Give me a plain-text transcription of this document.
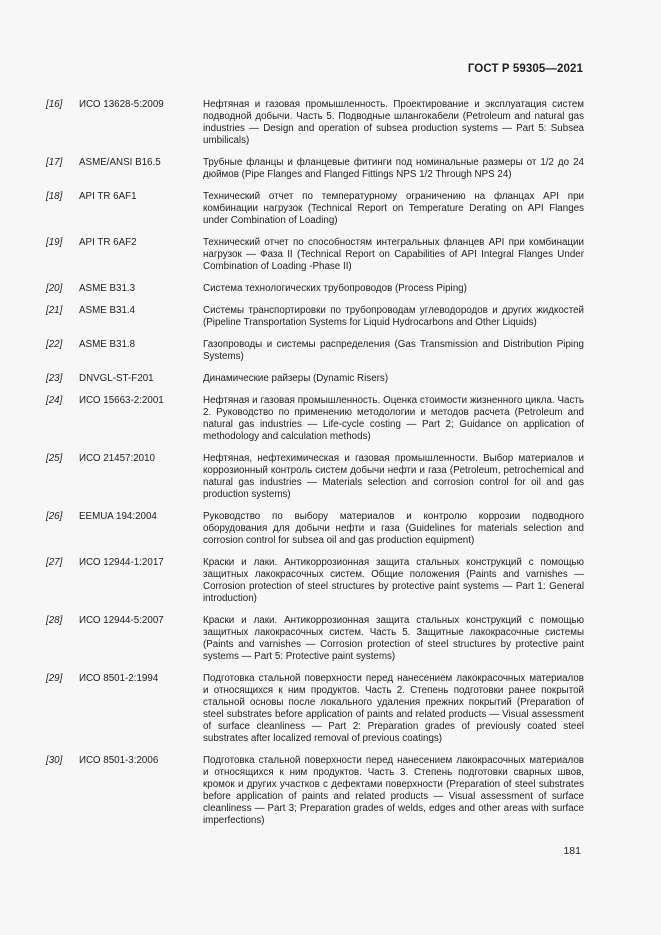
ГОСТ Р 59305—2021
[16]	ИСО 13628-5:2009	Нефтяная и газовая промышленность. Проектирование и эксплуатация систем подводной добычи. Часть 5. Подводные шлангокабели (Petroleum and natural gas industries — Design and operation of subsea production systems — Part 5: Subsea umbilicals)
[17]	ASME/ANSI B16.5	Трубные фланцы и фланцевые фитинги под номинальные размеры от 1/2 до 24 дюймов (Pipe Flanges and Flanged Fittings NPS 1/2 Through NPS 24)
[18]	API TR 6AF1	Технический отчет по температурному ограничению на фланцах API при комбинации нагрузок (Technical Report on Temperature Derating on API Flanges under Combination of Loading)
[19]	API TR 6AF2	Технический отчет по способностям интегральных фланцев API при комбинации нагрузок — Фаза II (Technical Report on Capabilities of API Integral Flanges Under Combination of Loading -Phase II)
[20]	ASME B31.3	Система технологических трубопроводов (Process Piping)
[21]	ASME B31.4	Системы транспортировки по трубопроводам углеводородов и других жидкостей (Pipeline Transportation Systems for Liquid Hydrocarbons and Other Liquids)
[22]	ASME B31.8	Газопроводы и системы распределения (Gas Transmission and Distribution Piping Systems)
[23]	DNVGL-ST-F201	Динамические райзеры (Dynamic Risers)
[24]	ИСО 15663-2:2001	Нефтяная и газовая промышленность. Оценка стоимости жизненного цикла. Часть 2. Руководство по применению методологии и методов расчета (Petroleum and natural gas industries — Life-cycle costing — Part 2; Guidance on application of methodology and calculation methods)
[25]	ИСО 21457:2010	Нефтяная, нефтехимическая и газовая промышленности. Выбор материалов и коррозионный контроль систем добычи нефти и газа (Petroleum, petrochemical and natural gas industries — Materials selection and corrosion control for oil and gas production systems)
[26]	EEMUA 194:2004	Руководство по выбору материалов и контролю коррозии подводного оборудования для добычи нефти и газа (Guidelines for materials selection and corrosion control for subsea oil and gas production equipment)
[27]	ИСО 12944-1:2017	Краски и лаки. Антикоррозионная защита стальных конструкций с помощью защитных лакокрасочных систем. Общие положения (Paints and varnishes — Corrosion protection of steel structures by protective paint systems — Part 1: General introduction)
[28]	ИСО 12944-5:2007	Краски и лаки. Антикоррозионная защита стальных конструкций с помощью защитных лакокрасочных систем. Часть 5. Защитные лакокрасочные системы (Paints and varnishes — Corrosion protection of steel structures by protective paint systems — Part 5: Protective paint systems)
[29]	ИСО 8501-2:1994	Подготовка стальной поверхности перед нанесением лакокрасочных материалов и относящихся к ним продуктов. Часть 2. Степень подготовки ранее покрытой стальной основы после локального удаления прежних покрытий (Preparation of steel substrates before application of paints and related products — Visual assessment of surface cleanliness — Part 2: Preparation grades of previously coated steel substrates after localized removal of previous coatings)
[30]	ИСО 8501-3:2006	Подготовка стальной поверхности перед нанесением лакокрасочных материалов и относящихся к ним продуктов. Часть 3. Степень подготовки сварных швов, кромок и других участков с дефектами поверхности (Preparation of steel substrates before application of paints and related products — Visual assessment of surface cleanliness — Part 3; Preparation grades of welds, edges and other areas with surface imperfections)
181
